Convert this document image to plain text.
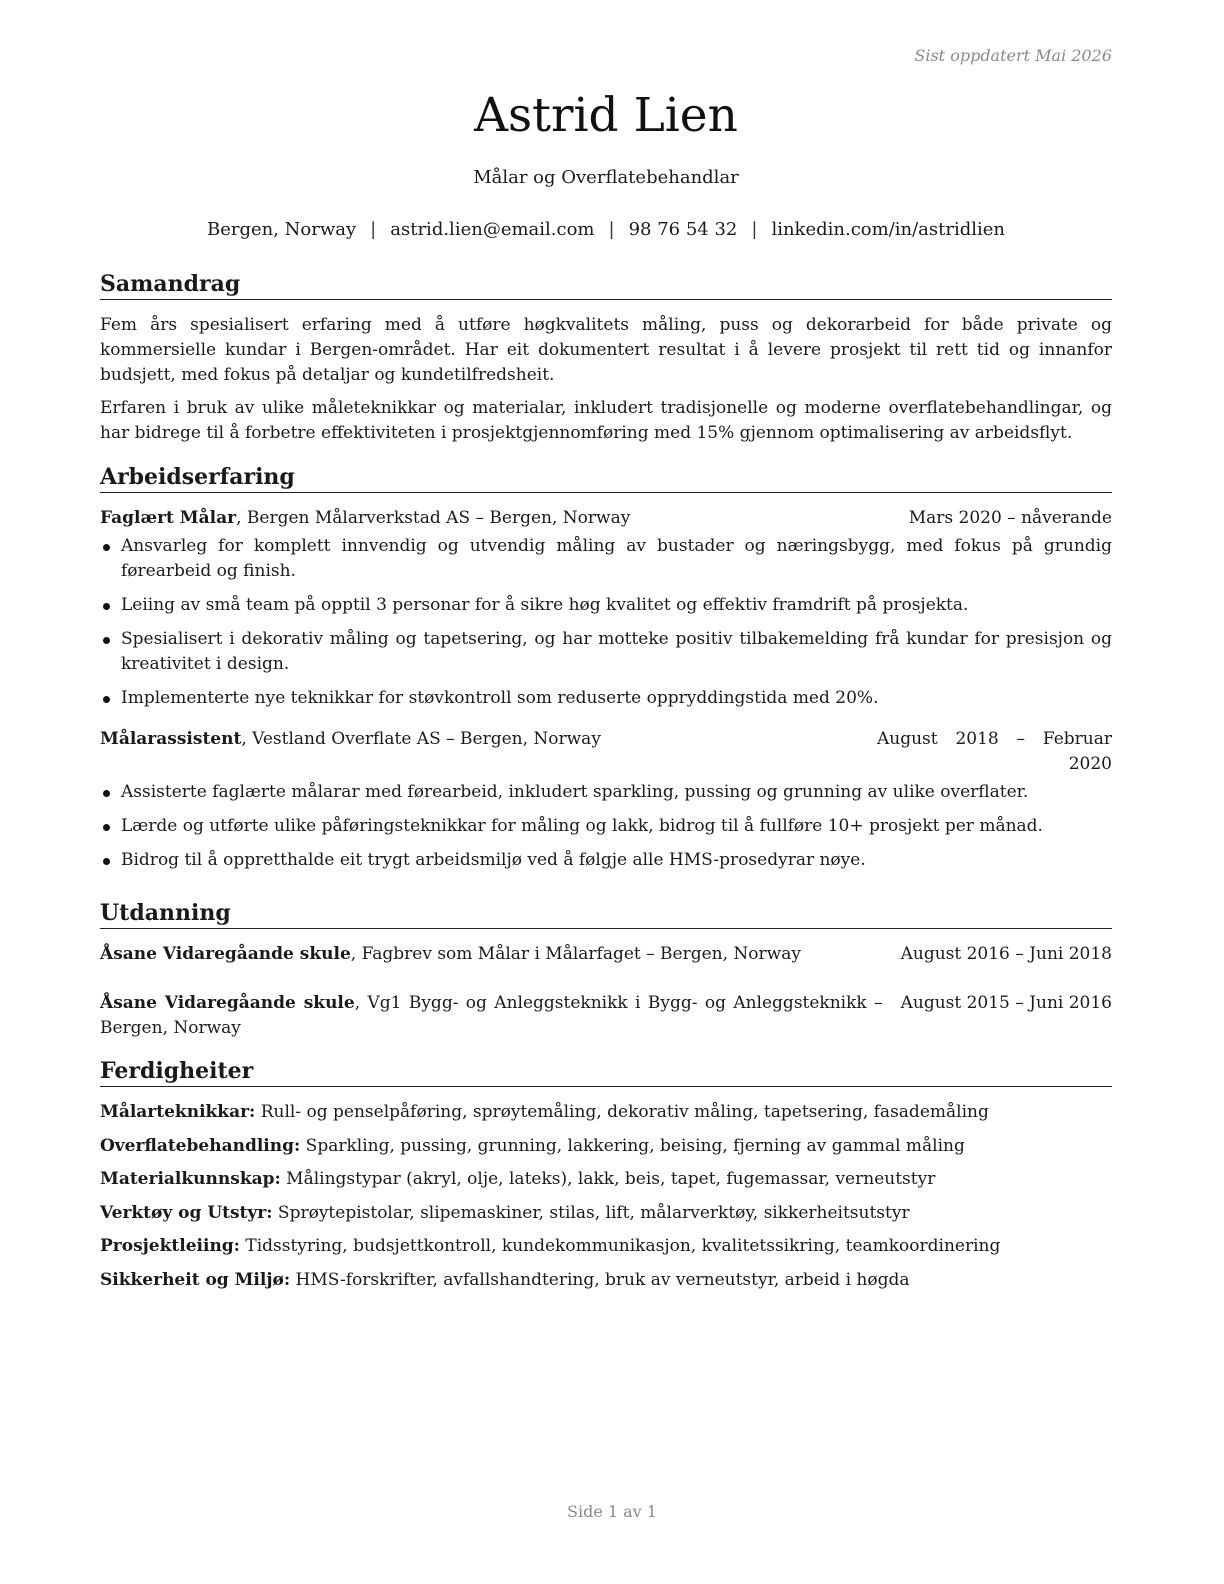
Sist oppdatert Mai 2026
Astrid Lien
Målar og Overflatebehandlar
Bergen, Norway | astrid.lien@email.com | 98 76 54 32 | linkedin.com/in/astridlien
Samandrag

Fem års spesialisert erfaring med å utføre høgkvalitets måling, puss og dekorarbeid for både private og kommersielle kundar i Bergen-området. Har eit dokumentert resultat i å levere prosjekt til rett tid og innanfor budsjett, med fokus på detaljar og kundetilfredsheit.

Erfaren i bruk av ulike måleteknikkar og materialar, inkludert tradisjonelle og moderne overflatebehandlingar, og har bidrege til å forbetre effektiviteten i prosjektgjennomføring med 15% gjennom optimalisering av arbeidsflyt.

Arbeidserfaring
Faglært Målar, Bergen Målarverkstad AS – Bergen, Norway	Mars 2020 – nåverande
Ansvarleg for komplett innvendig og utvendig måling av bustader og næringsbygg, med fokus på grundig førearbeid og finish.
Leiing av små team på opptil 3 personar for å sikre høg kvalitet og effektiv framdrift på prosjekta.
Spesialisert i dekorativ måling og tapetsering, og har motteke positiv tilbakemelding frå kundar for presisjon og kreativitet i design.
Implementerte nye teknikkar for støvkontroll som reduserte oppryddingstida med 20%.
Målarassistent, Vestland Overflate AS – Bergen, Norway	August 2018 – Februar 2020
Assisterte faglærte målarar med førearbeid, inkludert sparkling, pussing og grunning av ulike overflater.
Lærde og utførte ulike påføringsteknikkar for måling og lakk, bidrog til å fullføre 10+ prosjekt per månad.
Bidrog til å oppretthalde eit trygt arbeidsmiljø ved å følgje alle HMS-prosedyrar nøye.
Utdanning
Åsane Vidaregåande skule, Fagbrev som Målar i Målarfaget – Bergen, Norway	August 2016 – Juni 2018
Åsane Vidaregåande skule, Vg1 Bygg- og Anleggsteknikk i Bygg- og Anleggsteknikk – Bergen, Norway
August 2015 – Juni 2016
Ferdigheiter
Målarteknikkar: Rull- og penselpåføring, sprøytemåling, dekorativ måling, tapetsering, fasademåling
Overflatebehandling: Sparkling, pussing, grunning, lakkering, beising, fjerning av gammal måling
Materialkunnskap: Målingstypar (akryl, olje, lateks), lakk, beis, tapet, fugemassar, verneutstyr
Verktøy og Utstyr: Sprøytepistolar, slipemaskiner, stilas, lift, målarverktøy, sikkerheitsutstyr
Prosjektleiing: Tidsstyring, budsjettkontroll, kundekommunikasjon, kvalitetssikring, teamkoordinering
Sikkerheit og Miljø: HMS-forskrifter, avfallshandtering, bruk av verneutstyr, arbeid i høgda
Side 1 av 1
